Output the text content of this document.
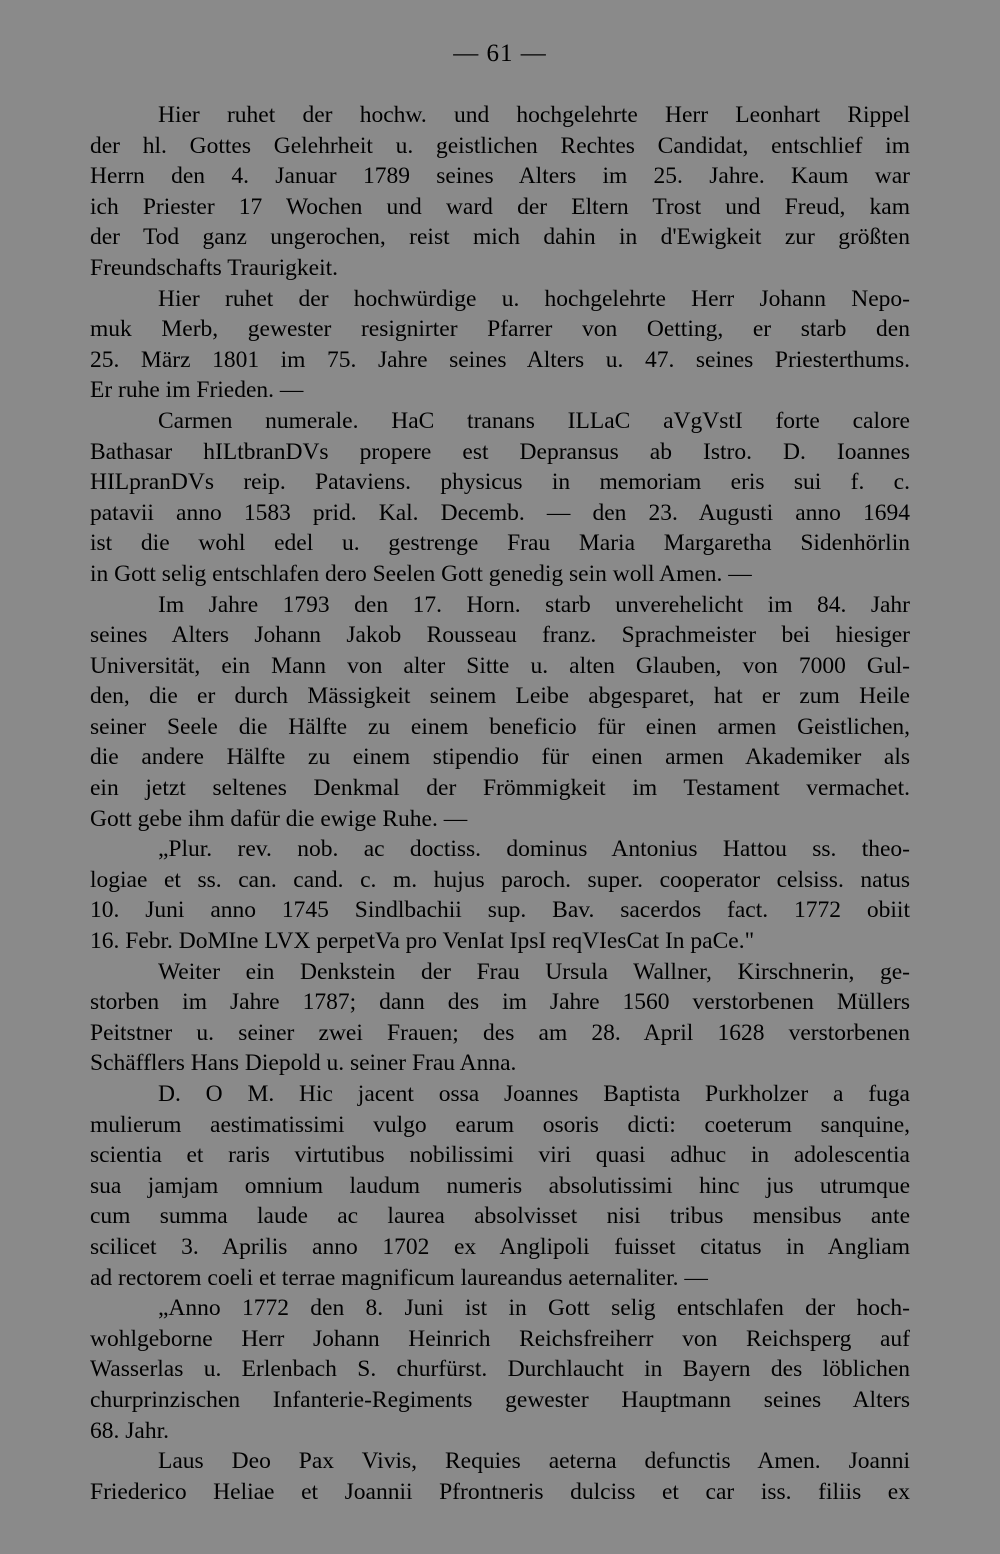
— 61 —
Hier ruhet der hochw. und hochgelehrte Herr Leonhart Rippel
der hl. Gottes Gelehrheit u. geistlichen Rechtes Candidat, entschlief im
Herrn den 4. Januar 1789 seines Alters im 25. Jahre. Kaum war
ich Priester 17 Wochen und ward der Eltern Trost und Freud, kam
der Tod ganz ungerochen, reist mich dahin in d'Ewigkeit zur größten
Freundschafts Traurigkeit.
Hier ruhet der hochwürdige u. hochgelehrte Herr Johann Nepo-
muk Merb, gewester resignirter Pfarrer von Oetting, er starb den
25. März 1801 im 75. Jahre seines Alters u. 47. seines Priesterthums.
Er ruhe im Frieden. —
Carmen numerale. HaC tranans ILLaC aVgVstI forte calore
Bathasar hILtbranDVs propere est Depransus ab Istro. D. Ioannes
HILpranDVs reip. Pataviens. physicus in memoriam eris sui f. c.
patavii anno 1583 prid. Kal. Decemb. — den 23. Augusti anno 1694
ist die wohl edel u. gestrenge Frau Maria Margaretha Sidenhörlin
in Gott selig entschlafen dero Seelen Gott genedig sein woll Amen. —
Im Jahre 1793 den 17. Horn. starb unverehelicht im 84. Jahr
seines Alters Johann Jakob Rousseau franz. Sprachmeister bei hiesiger
Universität, ein Mann von alter Sitte u. alten Glauben, von 7000 Gul-
den, die er durch Mässigkeit seinem Leibe abgesparet, hat er zum Heile
seiner Seele die Hälfte zu einem beneficio für einen armen Geistlichen,
die andere Hälfte zu einem stipendio für einen armen Akademiker als
ein jetzt seltenes Denkmal der Frömmigkeit im Testament vermachet.
Gott gebe ihm dafür die ewige Ruhe. —
„Plur. rev. nob. ac doctiss. dominus Antonius Hattou ss. theo-
logiae et ss. can. cand. c. m. hujus paroch. super. cooperator celsiss. natus
10. Juni anno 1745 Sindlbachii sup. Bav. sacerdos fact. 1772 obiit
16. Febr. DoMIne LVX perpetVa pro VenIat IpsI reqVIesCat In paCe."
Weiter ein Denkstein der Frau Ursula Wallner, Kirschnerin, ge-
storben im Jahre 1787; dann des im Jahre 1560 verstorbenen Müllers
Peitstner u. seiner zwei Frauen; des am 28. April 1628 verstorbenen
Schäfflers Hans Diepold u. seiner Frau Anna.
D. O M. Hic jacent ossa Joannes Baptista Purkholzer a fuga
mulierum aestimatissimi vulgo earum osoris dicti: coeterum sanquine,
scientia et raris virtutibus nobilissimi viri quasi adhuc in adolescentia
sua jamjam omnium laudum numeris absolutissimi hinc jus utrumque
cum summa laude ac laurea absolvisset nisi tribus mensibus ante
scilicet 3. Aprilis anno 1702 ex Anglipoli fuisset citatus in Angliam
ad rectorem coeli et terrae magnificum laureandus aeternaliter. —
„Anno 1772 den 8. Juni ist in Gott selig entschlafen der hoch-
wohlgeborne Herr Johann Heinrich Reichsfreiherr von Reichsperg auf
Wasserlas u. Erlenbach S. churfürst. Durchlaucht in Bayern des löblichen
churprinzischen Infanterie-Regiments gewester Hauptmann seines Alters
68. Jahr.
Laus Deo Pax Vivis, Requies aeterna defunctis Amen. Joanni
Friederico Heliae et Joannii Pfrontneris dulciss et car iss. filiis ex
